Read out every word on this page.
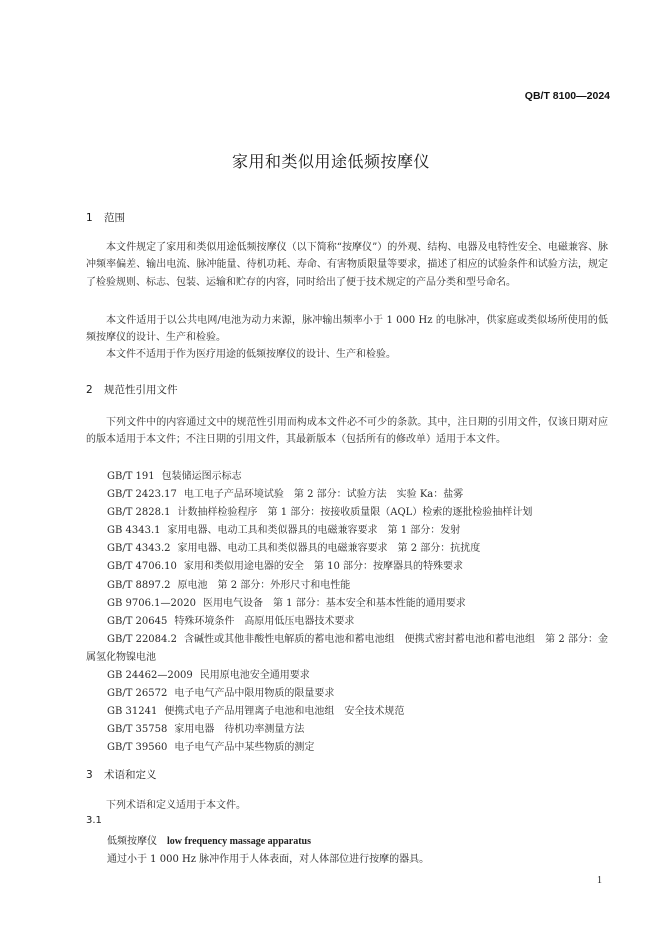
QB/T 8100—2024
家用和类似用途低频按摩仪
1 范围
本文件规定了家用和类似用途低频按摩仪（以下简称“按摩仪”）的外观、结构、电器及电特性安全、电磁兼容、脉冲频率偏差、输出电流、脉冲能量、待机功耗、寿命、有害物质限量等要求，描述了相应的试验条件和试验方法，规定了检验规则、标志、包装、运输和贮存的内容，同时给出了便于技术规定的产品分类和型号命名。
本文件适用于以公共电网/电池为动力来源，脉冲输出频率小于 1 000 Hz 的电脉冲，供家庭或类似场所使用的低频按摩仪的设计、生产和检验。
本文件不适用于作为医疗用途的低频按摩仪的设计、生产和检验。
2 规范性引用文件
下列文件中的内容通过文中的规范性引用而构成本文件必不可少的条款。其中，注日期的引用文件，仅该日期对应的版本适用于本文件；不注日期的引用文件，其最新版本（包括所有的修改单）适用于本文件。
GB/T 191 包装储运图示标志
GB/T 2423.17 电工电子产品环境试验　第 2 部分：试验方法　实验 Ka：盐雾
GB/T 2828.1 计数抽样检验程序　第 1 部分：按接收质量限（AQL）检索的逐批检验抽样计划
GB 4343.1 家用电器、电动工具和类似器具的电磁兼容要求　第 1 部分：发射
GB/T 4343.2 家用电器、电动工具和类似器具的电磁兼容要求　第 2 部分：抗扰度
GB/T 4706.10 家用和类似用途电器的安全　第 10 部分：按摩器具的特殊要求
GB/T 8897.2 原电池　第 2 部分：外形尺寸和电性能
GB 9706.1—2020 医用电气设备　第 1 部分：基本安全和基本性能的通用要求
GB/T 20645 特殊环境条件　高原用低压电器技术要求
GB/T 22084.2 含碱性或其他非酸性电解质的蓄电池和蓄电池组　便携式密封蓄电池和蓄电池组　第 2 部分：金属氢化物镍电池
GB 24462—2009 民用原电池安全通用要求
GB/T 26572 电子电气产品中限用物质的限量要求
GB 31241 便携式电子产品用锂离子电池和电池组　安全技术规范
GB/T 35758 家用电器　待机功率测量方法
GB/T 39560 电子电气产品中某些物质的测定
3 术语和定义
下列术语和定义适用于本文件。
3.1
低频按摩仪 low frequency massage apparatus
通过小于 1 000 Hz 脉冲作用于人体表面，对人体部位进行按摩的器具。
1
